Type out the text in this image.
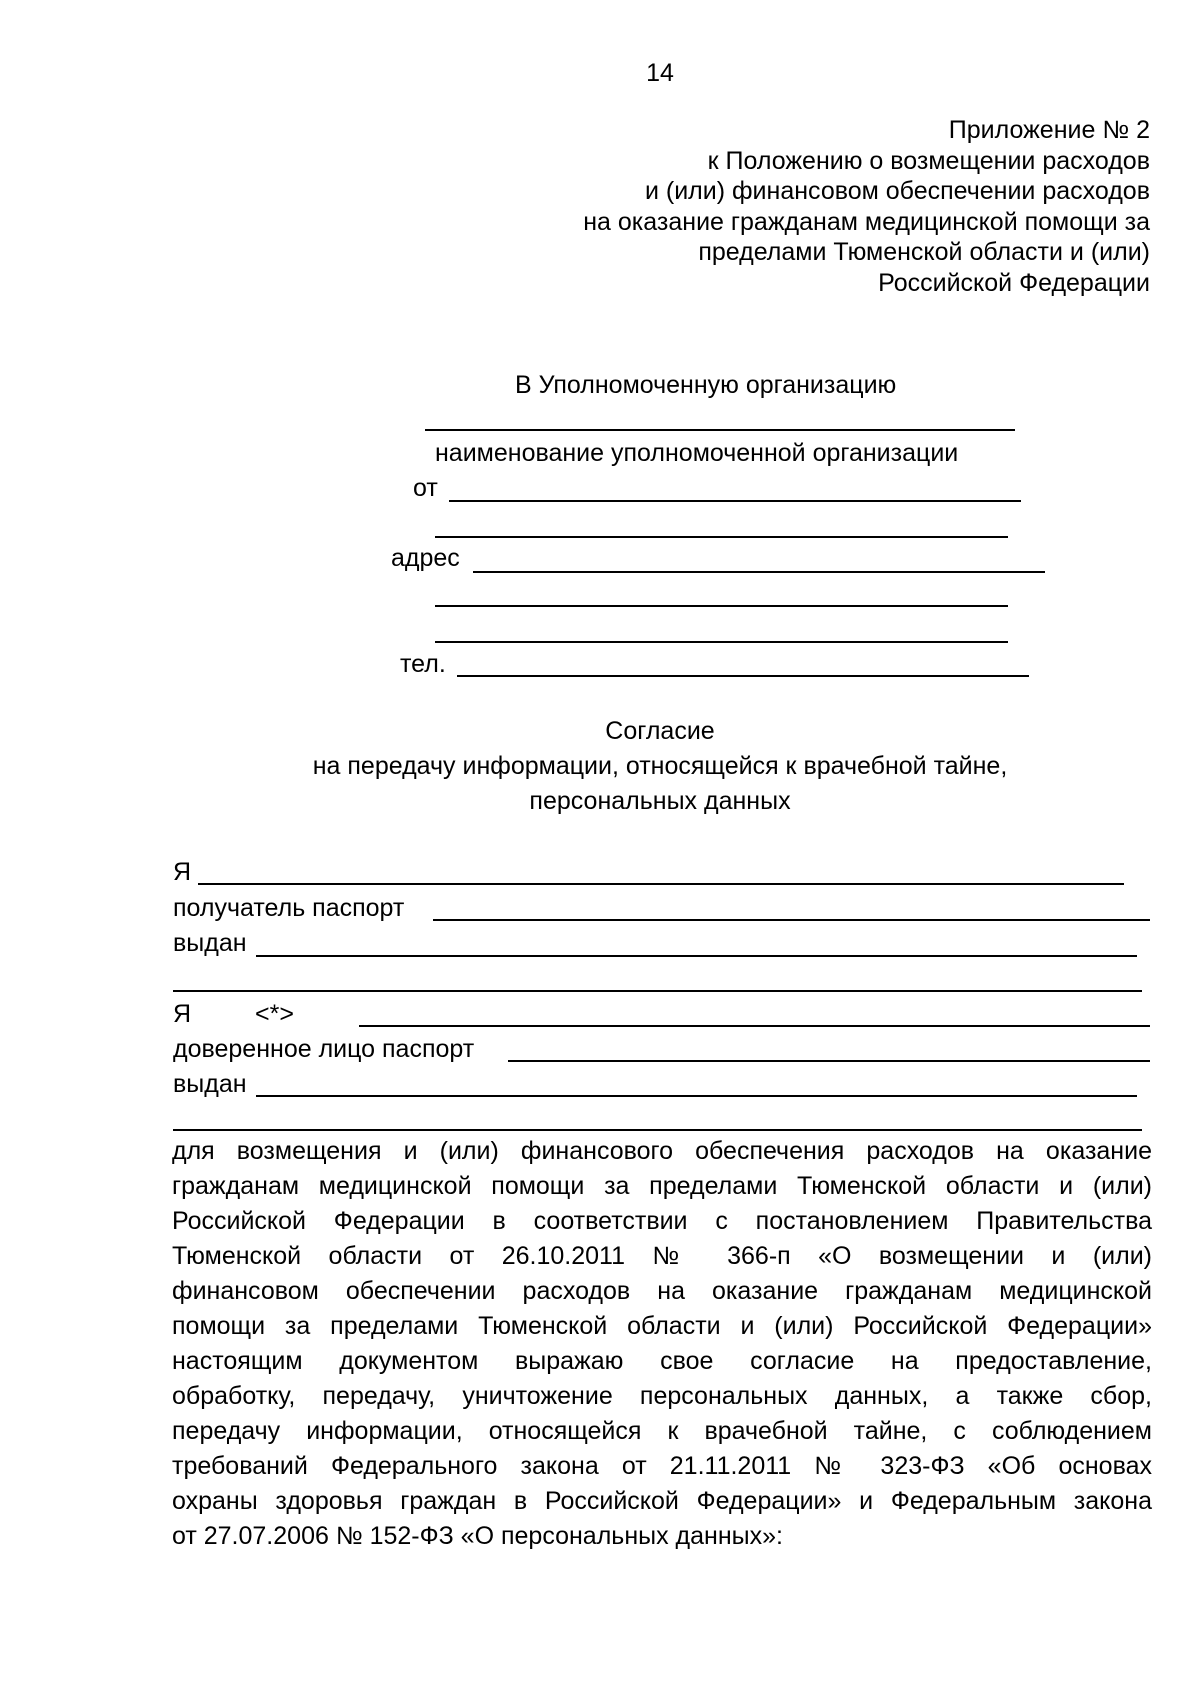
14
Приложение № 2
к Положению о возмещении расходов
и (или) финансовом обеспечении расходов
на оказание гражданам медицинской помощи за
пределами Тюменской области и (или)
Российской Федерации
В Уполномоченную организацию
наименование уполномоченной организации
от
адрес
тел.
Согласие
на передачу информации, относящейся к врачебной тайне,
персональных данных
Я
получатель паспорт
выдан
Я	<*>
доверенное лицо паспорт
выдан
для возмещения и (или) финансового обеспечения расходов на оказание
гражданам медицинской помощи за пределами Тюменской области и (или)
Российской Федерации в соответствии с постановлением Правительства
Тюменской области от 26.10.2011 № 366-п «О возмещении и (или)
финансовом обеспечении расходов на оказание гражданам медицинской
помощи за пределами Тюменской области и (или) Российской Федерации»
настоящим документом выражаю свое согласие на предоставление,
обработку, передачу, уничтожение персональных данных, а также сбор,
передачу информации, относящейся к врачебной тайне, с соблюдением
требований Федерального закона от 21.11.2011 № 323-ФЗ «Об основах
охраны здоровья граждан в Российской Федерации» и Федеральным закона
от 27.07.2006 № 152-ФЗ «О персональных данных»:
